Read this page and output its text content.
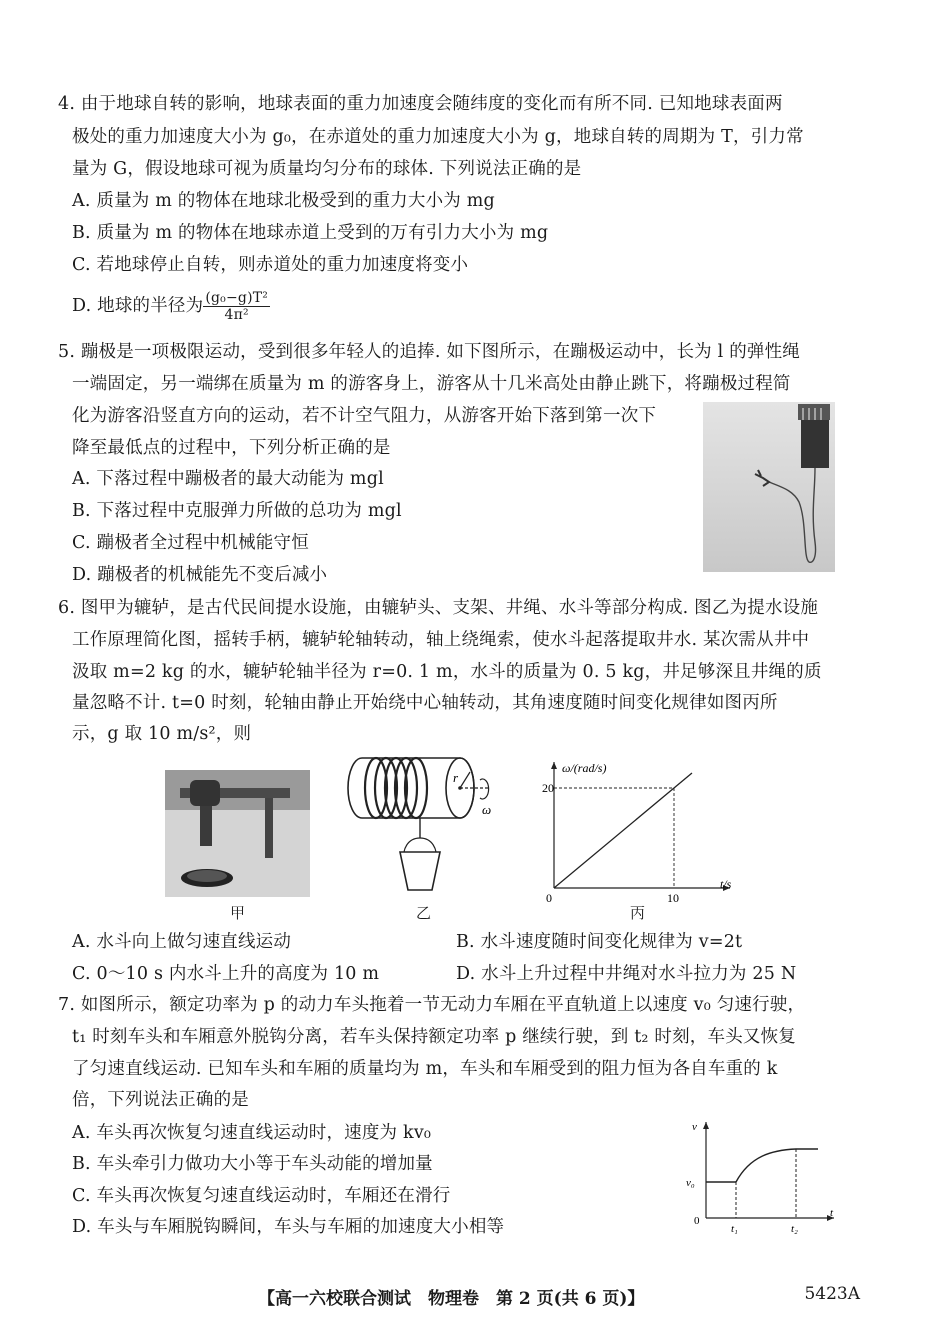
4. 由于地球自转的影响，地球表面的重力加速度会随纬度的变化而有所不同. 已知地球表面两
极处的重力加速度大小为 g₀，在赤道处的重力加速度大小为 g，地球自转的周期为 T，引力常
量为 G，假设地球可视为质量均匀分布的球体. 下列说法正确的是
A. 质量为 m 的物体在地球北极受到的重力大小为 mg
B. 质量为 m 的物体在地球赤道上受到的万有引力大小为 mg
C. 若地球停止自转，则赤道处的重力加速度将变小
D. 地球的半径为 $\frac{\text{(g₀−g)T²}}{\text{4π²}}$
5. 蹦极是一项极限运动，受到很多年轻人的追捧. 如下图所示，在蹦极运动中，长为 l 的弹性绳
一端固定，另一端绑在质量为 m 的游客身上，游客从十几米高处由静止跳下，将蹦极过程简
化为游客沿竖直方向的运动，若不计空气阻力，从游客开始下落到第一次下
降至最低点的过程中，下列分析正确的是
A. 下落过程中蹦极者的最大动能为 mgl
B. 下落过程中克服弹力所做的总功为 mgl
C. 蹦极者全过程中机械能守恒
D. 蹦极者的机械能先不变后减小
6. 图甲为辘轳，是古代民间提水设施，由辘轳头、支架、井绳、水斗等部分构成. 图乙为提水设施
工作原理简化图，摇转手柄，辘轳轮轴转动，轴上绕绳索，使水斗起落提取井水. 某次需从井中
汲取 m=2 kg 的水，辘轳轮轴半径为 r=0. 1 m，水斗的质量为 0. 5 kg，井足够深且井绳的质
量忽略不计. t=0 时刻，轮轴由静止开始绕中心轴转动，其角速度随时间变化规律如图丙所
示，g 取 10 m/s²，则
r
ω
20
10
ω/(rad/s)
t/s
0
甲	乙	丙
A. 水斗向上做匀速直线运动	B. 水斗速度随时间变化规律为 v=2t
C. 0～10 s 内水斗上升的高度为 10 m	D. 水斗上升过程中井绳对水斗拉力为 25 N
7. 如图所示，额定功率为 p 的动力车头拖着一节无动力车厢在平直轨道上以速度 v₀ 匀速行驶，
t₁ 时刻车头和车厢意外脱钩分离，若车头保持额定功率 p 继续行驶，到 t₂ 时刻，车头又恢复
了匀速直线运动. 已知车头和车厢的质量均为 m，车头和车厢受到的阻力恒为各自车重的 k
倍，下列说法正确的是
A. 车头再次恢复匀速直线运动时，速度为 kv₀
B. 车头牵引力做功大小等于车头动能的增加量
C. 车头再次恢复匀速直线运动时，车厢还在滑行
D. 车头与车厢脱钩瞬间，车头与车厢的加速度大小相等
v
t
v₀
0
t₁	t₂
【高一六校联合测试　物理卷　第 2 页(共 6 页)】	5423A
